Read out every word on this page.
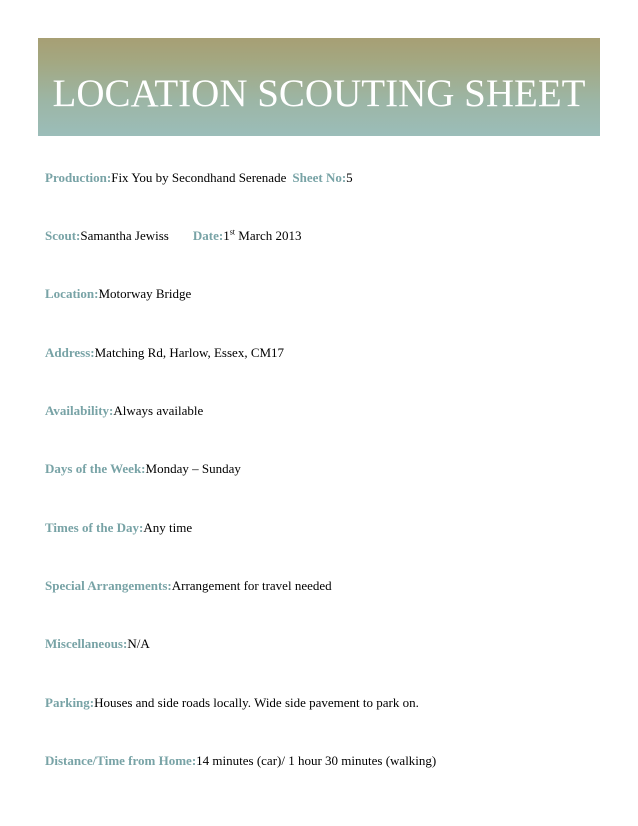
LOCATION SCOUTING SHEET
Production:Fix You by Secondhand Serenade Sheet No:5
Scout:Samantha Jewiss Date:1st March 2013
Location:Motorway Bridge
Address:Matching Rd, Harlow, Essex, CM17
Availability:Always available
Days of the Week:Monday – Sunday
Times of the Day:Any time
Special Arrangements:Arrangement for travel needed
Miscellaneous:N/A
Parking:Houses and side roads locally. Wide side pavement to park on.
Distance/Time from Home:14 minutes (car)/ 1 hour 30 minutes (walking)
